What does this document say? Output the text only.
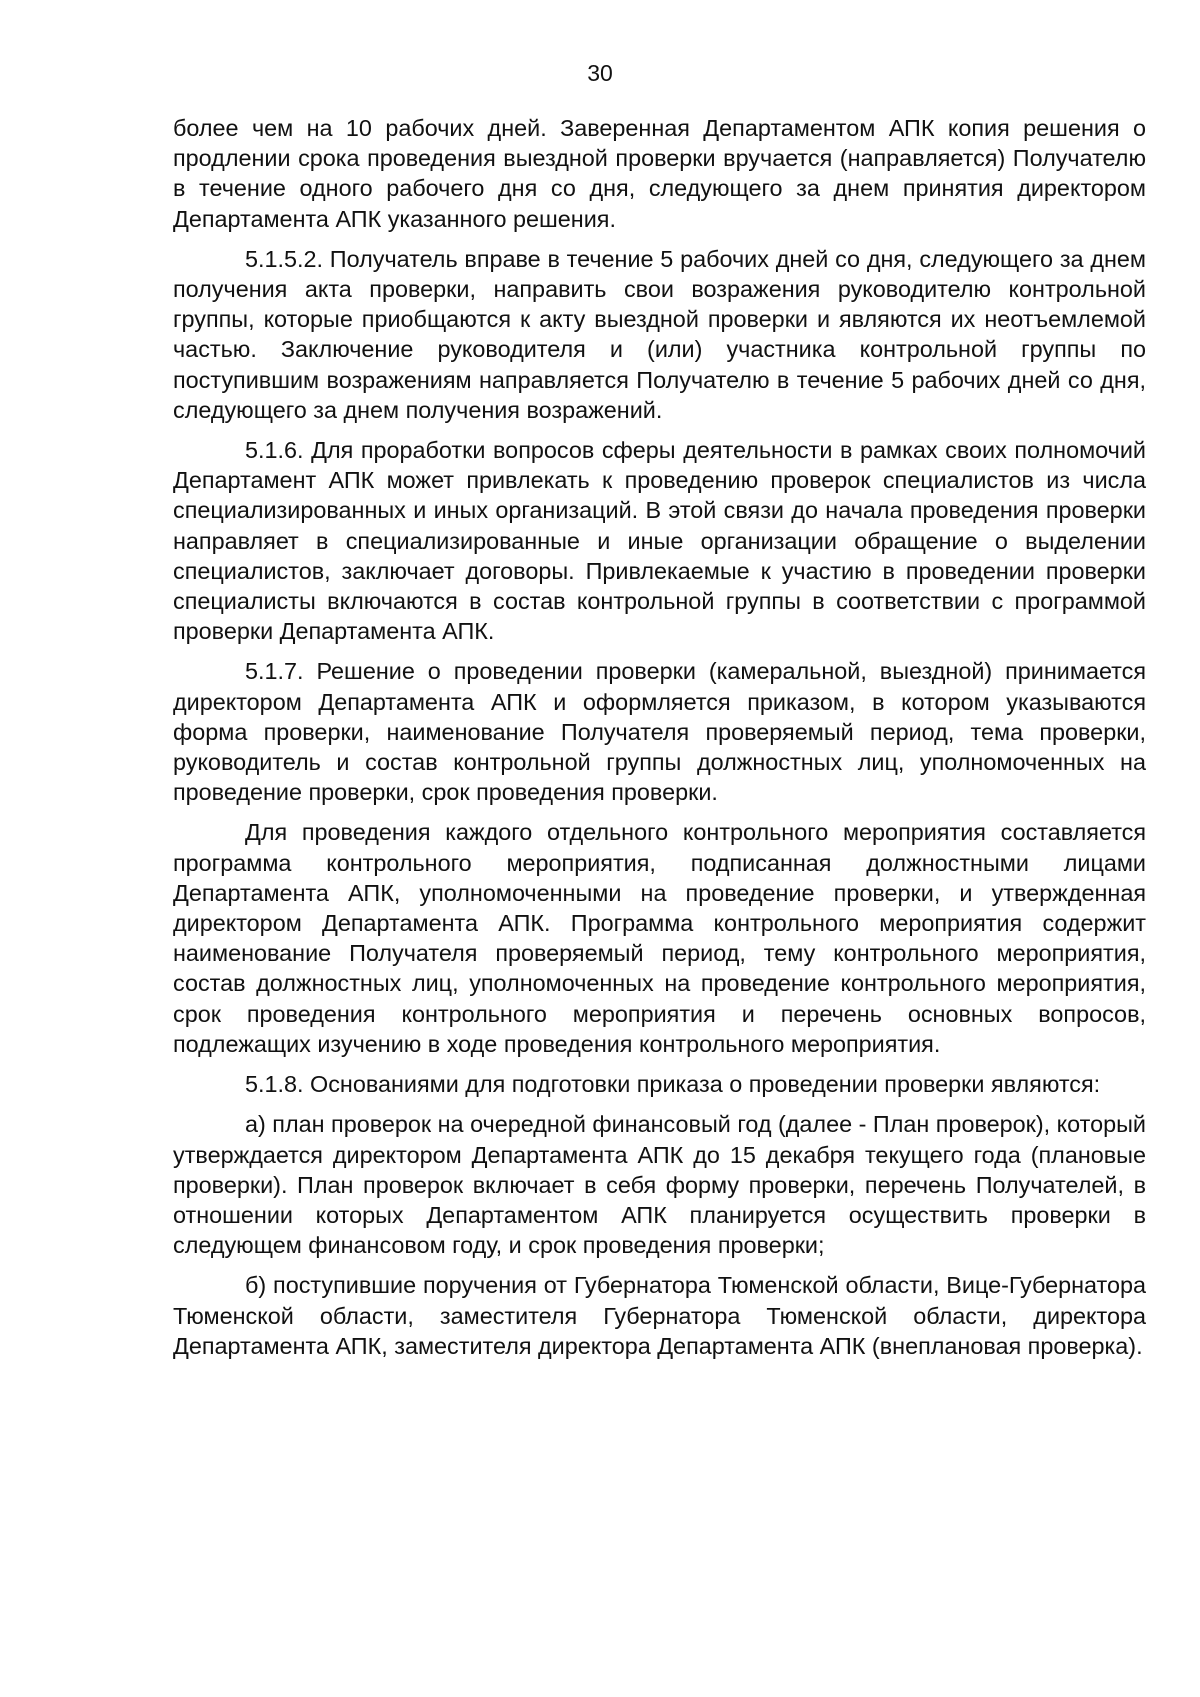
30

более чем на 10 рабочих дней. Заверенная Департаментом АПК копия решения о продлении срока проведения выездной проверки вручается (направляется) Получателю в течение одного рабочего дня со дня, следующего за днем принятия директором Департамента АПК указанного решения.

5.1.5.2. Получатель вправе в течение 5 рабочих дней со дня, следующего за днем получения акта проверки, направить свои возражения руководителю контрольной группы, которые приобщаются к акту выездной проверки и являются их неотъемлемой частью. Заключение руководителя и (или) участника контрольной группы по поступившим возражениям направляется Получателю в течение 5 рабочих дней со дня, следующего за днем получения возражений.

5.1.6. Для проработки вопросов сферы деятельности в рамках своих полномочий Департамент АПК может привлекать к проведению проверок специалистов из числа специализированных и иных организаций. В этой связи до начала проведения проверки направляет в специализированные и иные организации обращение о выделении специалистов, заключает договоры. Привлекаемые к участию в проведении проверки специалисты включаются в состав контрольной группы в соответствии с программой проверки Департамента АПК.

5.1.7. Решение о проведении проверки (камеральной, выездной) принимается директором Департамента АПК и оформляется приказом, в котором указываются форма проверки, наименование Получателя проверяемый период, тема проверки, руководитель и состав контрольной группы должностных лиц, уполномоченных на проведение проверки, срок проведения проверки.

Для проведения каждого отдельного контрольного мероприятия составляется программа контрольного мероприятия, подписанная должностными лицами Департамента АПК, уполномоченными на проведение проверки, и утвержденная директором Департамента АПК. Программа контрольного мероприятия содержит наименование Получателя проверяемый период, тему контрольного мероприятия, состав должностных лиц, уполномоченных на проведение контрольного мероприятия, срок проведения контрольного мероприятия и перечень основных вопросов, подлежащих изучению в ходе проведения контрольного мероприятия.

5.1.8. Основаниями для подготовки приказа о проведении проверки являются:

а) план проверок на очередной финансовый год (далее - План проверок), который утверждается директором Департамента АПК до 15 декабря текущего года (плановые проверки). План проверок включает в себя форму проверки, перечень Получателей, в отношении которых Департаментом АПК планируется осуществить проверки в следующем финансовом году, и срок проведения проверки;

б) поступившие поручения от Губернатора Тюменской области, Вице-Губернатора Тюменской области, заместителя Губернатора Тюменской области, директора Департамента АПК, заместителя директора Департамента АПК (внеплановая проверка).
